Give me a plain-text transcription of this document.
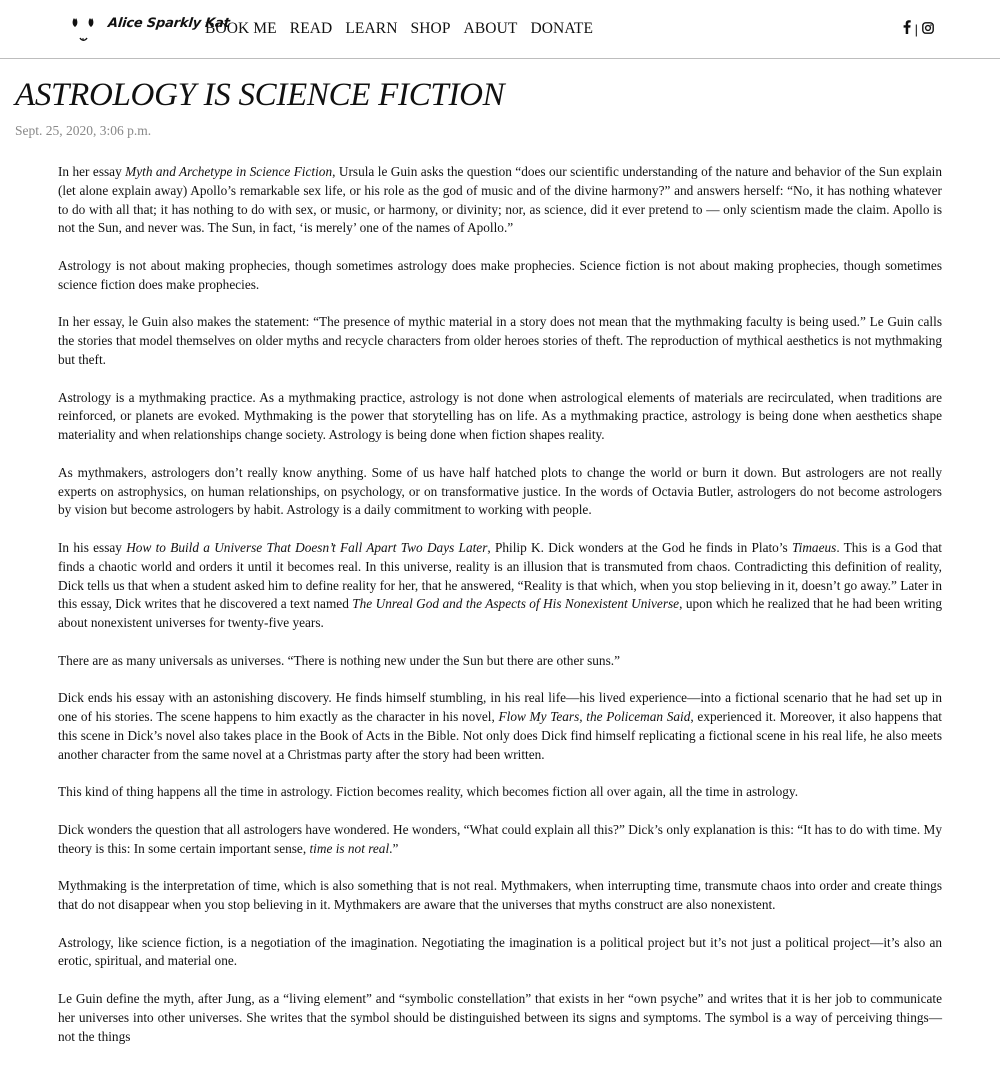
Alice Sparkly Kat
BOOK ME READ LEARN SHOP ABOUT DONATE	|
ASTROLOGY IS SCIENCE FICTION
Sept. 25, 2020, 3:06 p.m.

In her essay Myth and Archetype in Science Fiction, Ursula le Guin asks the question “does our scientific understanding of the nature and behavior of the Sun explain (let alone explain away) Apollo’s remarkable sex life, or his role as the god of music and of the divine harmony?” and answers herself: “No, it has nothing whatever to do with all that; it has nothing to do with sex, or music, or harmony, or divinity; nor, as science, did it ever pretend to — only scientism made the claim. Apollo is not the Sun, and never was. The Sun, in fact, ‘is merely’ one of the names of Apollo.”

Astrology is not about making prophecies, though sometimes astrology does make prophecies. Science fiction is not about making prophecies, though sometimes science fiction does make prophecies.

In her essay, le Guin also makes the statement: “The presence of mythic material in a story does not mean that the mythmaking faculty is being used.” Le Guin calls the stories that model themselves on older myths and recycle characters from older heroes stories of theft. The reproduction of mythical aesthetics is not mythmaking but theft.

Astrology is a mythmaking practice. As a mythmaking practice, astrology is not done when astrological elements of materials are recirculated, when traditions are reinforced, or planets are evoked. Mythmaking is the power that storytelling has on life. As a mythmaking practice, astrology is being done when aesthetics shape materiality and when relationships change society. Astrology is being done when fiction shapes reality.

As mythmakers, astrologers don’t really know anything. Some of us have half hatched plots to change the world or burn it down. But astrologers are not really experts on astrophysics, on human relationships, on psychology, or on transformative justice. In the words of Octavia Butler, astrologers do not become astrologers by vision but become astrologers by habit. Astrology is a daily commitment to working with people.

In his essay How to Build a Universe That Doesn’t Fall Apart Two Days Later, Philip K. Dick wonders at the God he finds in Plato’s Timaeus. This is a God that finds a chaotic world and orders it until it becomes real. In this universe, reality is an illusion that is transmuted from chaos. Contradicting this definition of reality, Dick tells us that when a student asked him to define reality for her, that he answered, “Reality is that which, when you stop believing in it, doesn’t go away.” Later in this essay, Dick writes that he discovered a text named The Unreal God and the Aspects of His Nonexistent Universe, upon which he realized that he had been writing about nonexistent universes for twenty-five years.

There are as many universals as universes. “There is nothing new under the Sun but there are other suns.”

Dick ends his essay with an astonishing discovery. He finds himself stumbling, in his real life—his lived experience—into a fictional scenario that he had set up in one of his stories. The scene happens to him exactly as the character in his novel, Flow My Tears, the Policeman Said, experienced it. Moreover, it also happens that this scene in Dick’s novel also takes place in the Book of Acts in the Bible. Not only does Dick find himself replicating a fictional scene in his real life, he also meets another character from the same novel at a Christmas party after the story had been written.

This kind of thing happens all the time in astrology. Fiction becomes reality, which becomes fiction all over again, all the time in astrology.

Dick wonders the question that all astrologers have wondered. He wonders, “What could explain all this?” Dick’s only explanation is this: “It has to do with time. My theory is this: In some certain important sense, time is not real.”

Mythmaking is the interpretation of time, which is also something that is not real. Mythmakers, when interrupting time, transmute chaos into order and create things that do not disappear when you stop believing in it. Mythmakers are aware that the universes that myths construct are also nonexistent.

Astrology, like science fiction, is a negotiation of the imagination. Negotiating the imagination is a political project but it’s not just a political project—it’s also an erotic, spiritual, and material one.

Le Guin define the myth, after Jung, as a “living element” and “symbolic constellation” that exists in her “own psyche” and writes that it is her job to communicate her universes into other universes. She writes that the symbol should be distinguished between its signs and symptoms. The symbol is a way of perceiving things—not the things
